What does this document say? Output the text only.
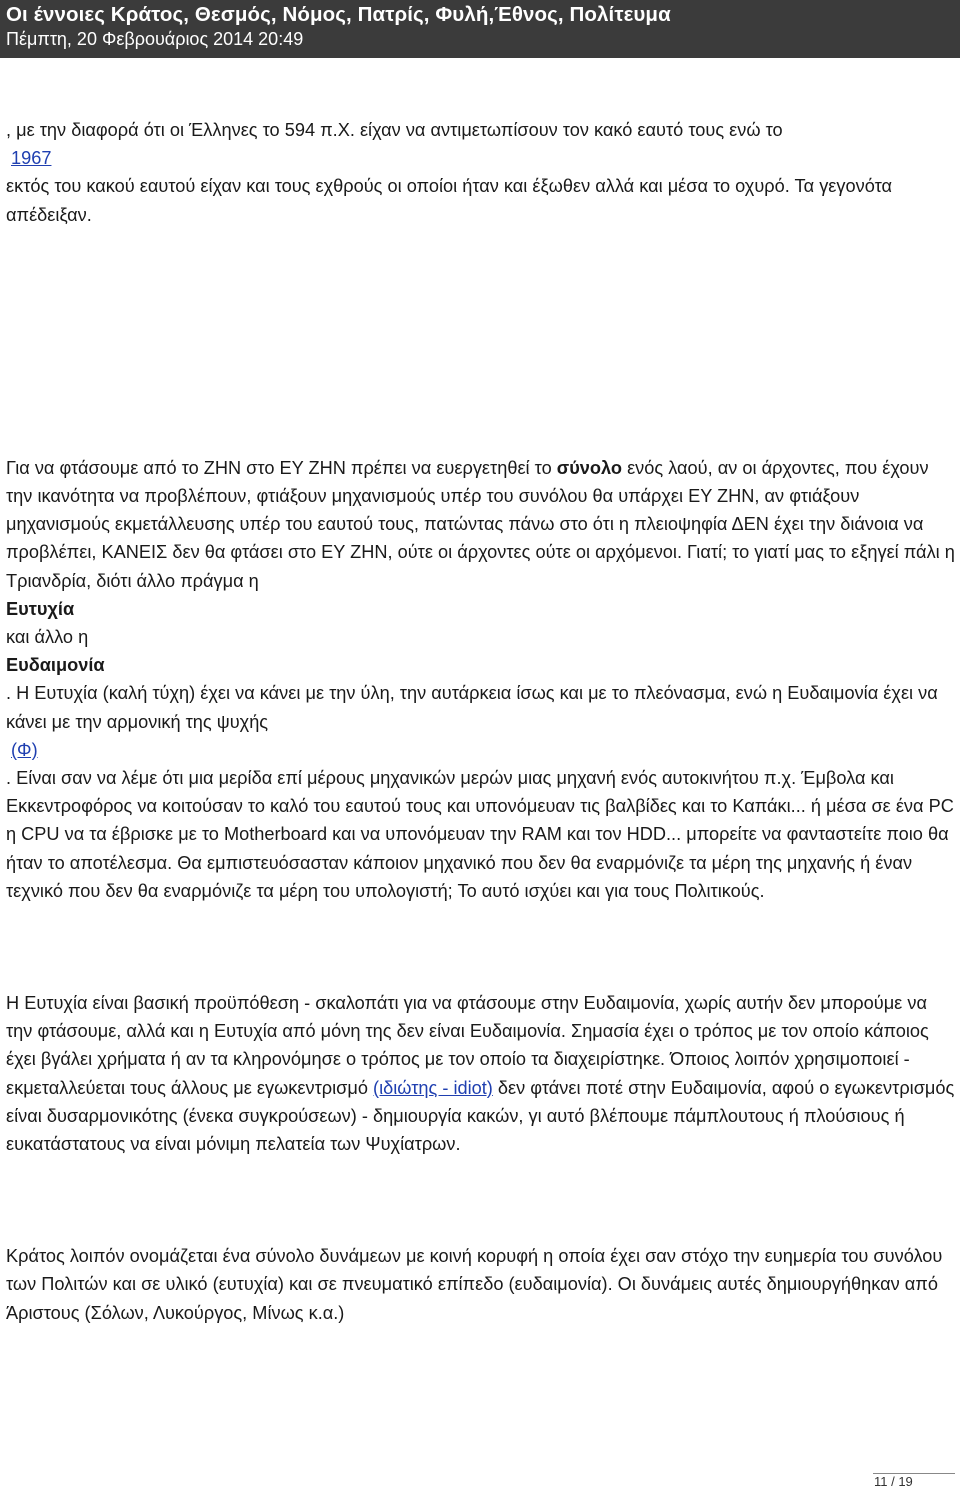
Οι έννοιες Κράτος, Θεσμός, Νόμος, Πατρίς, Φυλή,Έθνος, Πολίτευμα
Πέμπτη, 20 Φεβρουάριος 2014 20:49

, με την διαφορά ότι οι Έλληνες το 594 π.Χ. είχαν να αντιμετωπίσουν τον κακό εαυτό τους ενώ το
1967
εκτός του κακού εαυτού είχαν και τους εχθρούς οι οποίοι ήταν και έξωθεν αλλά και μέσα το οχυρό. Τα γεγονότα απέδειξαν.

Για να φτάσουμε από το ΖΗΝ στο ΕΥ ΖΗΝ πρέπει να ευεργετηθεί το σύνολο ενός λαού, αν οι άρχοντες, που έχουν την ικανότητα να προβλέπουν, φτιάξουν μηχανισμούς υπέρ του συνόλου θα υπάρχει ΕΥ ΖΗΝ, αν φτιάξουν μηχανισμούς εκμετάλλευσης υπέρ του εαυτού τους, πατώντας πάνω στο ότι η πλειοψηφία ΔΕΝ έχει την διάνοια να προβλέπει, ΚΑΝΕΙΣ δεν θα φτάσει στο ΕΥ ΖΗΝ, ούτε οι άρχοντες ούτε οι αρχόμενοι. Γιατί; το γιατί μας το εξηγεί πάλι η Τριανδρία, διότι άλλο πράγμα η
Ευτυχία
και άλλο η
Ευδαιμονία
. Η Ευτυχία (καλή τύχη) έχει να κάνει με την ύλη, την αυτάρκεια ίσως και με το πλεόνασμα, ενώ η Ευδαιμονία έχει να κάνει με την αρμονική της ψυχής
(Φ)
. Είναι σαν να λέμε ότι μια μερίδα επί μέρους μηχανικών μερών μιας μηχανή ενός αυτοκινήτου π.χ. Έμβολα και Εκκεντροφόρος να κοιτούσαν το καλό του εαυτού τους και υπονόμευαν τις βαλβίδες και το Καπάκι... ή μέσα σε ένα PC η CPU να τα έβρισκε με το Motherboard και να υπονόμευαν την RAM και τον HDD... μπορείτε να φανταστείτε ποιο θα ήταν το αποτέλεσμα. Θα εμπιστευόσασταν κάποιον μηχανικό που δεν θα εναρμόνιζε τα μέρη της μηχανής ή έναν τεχνικό που δεν θα εναρμόνιζε τα μέρη του υπολογιστή; Το αυτό ισχύει και για τους Πολιτικούς.

Η Ευτυχία είναι βασική προϋπόθεση - σκαλοπάτι για να φτάσουμε στην Ευδαιμονία, χωρίς αυτήν δεν μπορούμε να την φτάσουμε, αλλά και η Ευτυχία από μόνη της δεν είναι Ευδαιμονία. Σημασία έχει ο τρόπος με τον οποίο κάποιος έχει βγάλει χρήματα ή αν τα κληρονόμησε ο τρόπος με τον οποίο τα διαχειρίστηκε. Όποιος λοιπόν χρησιμοποιεί - εκμεταλλεύεται τους άλλους με εγωκεντρισμό (ιδιώτης - idiot) δεν φτάνει ποτέ στην Ευδαιμονία, αφού ο εγωκεντρισμός είναι δυσαρμονικότης (ένεκα συγκρούσεων) - δημιουργία κακών, γι αυτό βλέπουμε πάμπλουτους ή πλούσιους ή ευκατάστατους να είναι μόνιμη πελατεία των Ψυχίατρων.

Κράτος λοιπόν ονομάζεται ένα σύνολο δυνάμεων με κοινή κορυφή η οποία έχει σαν στόχο την ευημερία του συνόλου των Πολιτών και σε υλικό (ευτυχία) και σε πνευματικό επίπεδο (ευδαιμονία). Οι δυνάμεις αυτές δημιουργήθηκαν από Άριστους (Σόλων, Λυκούργος, Μίνως κ.α.)

11 / 19
